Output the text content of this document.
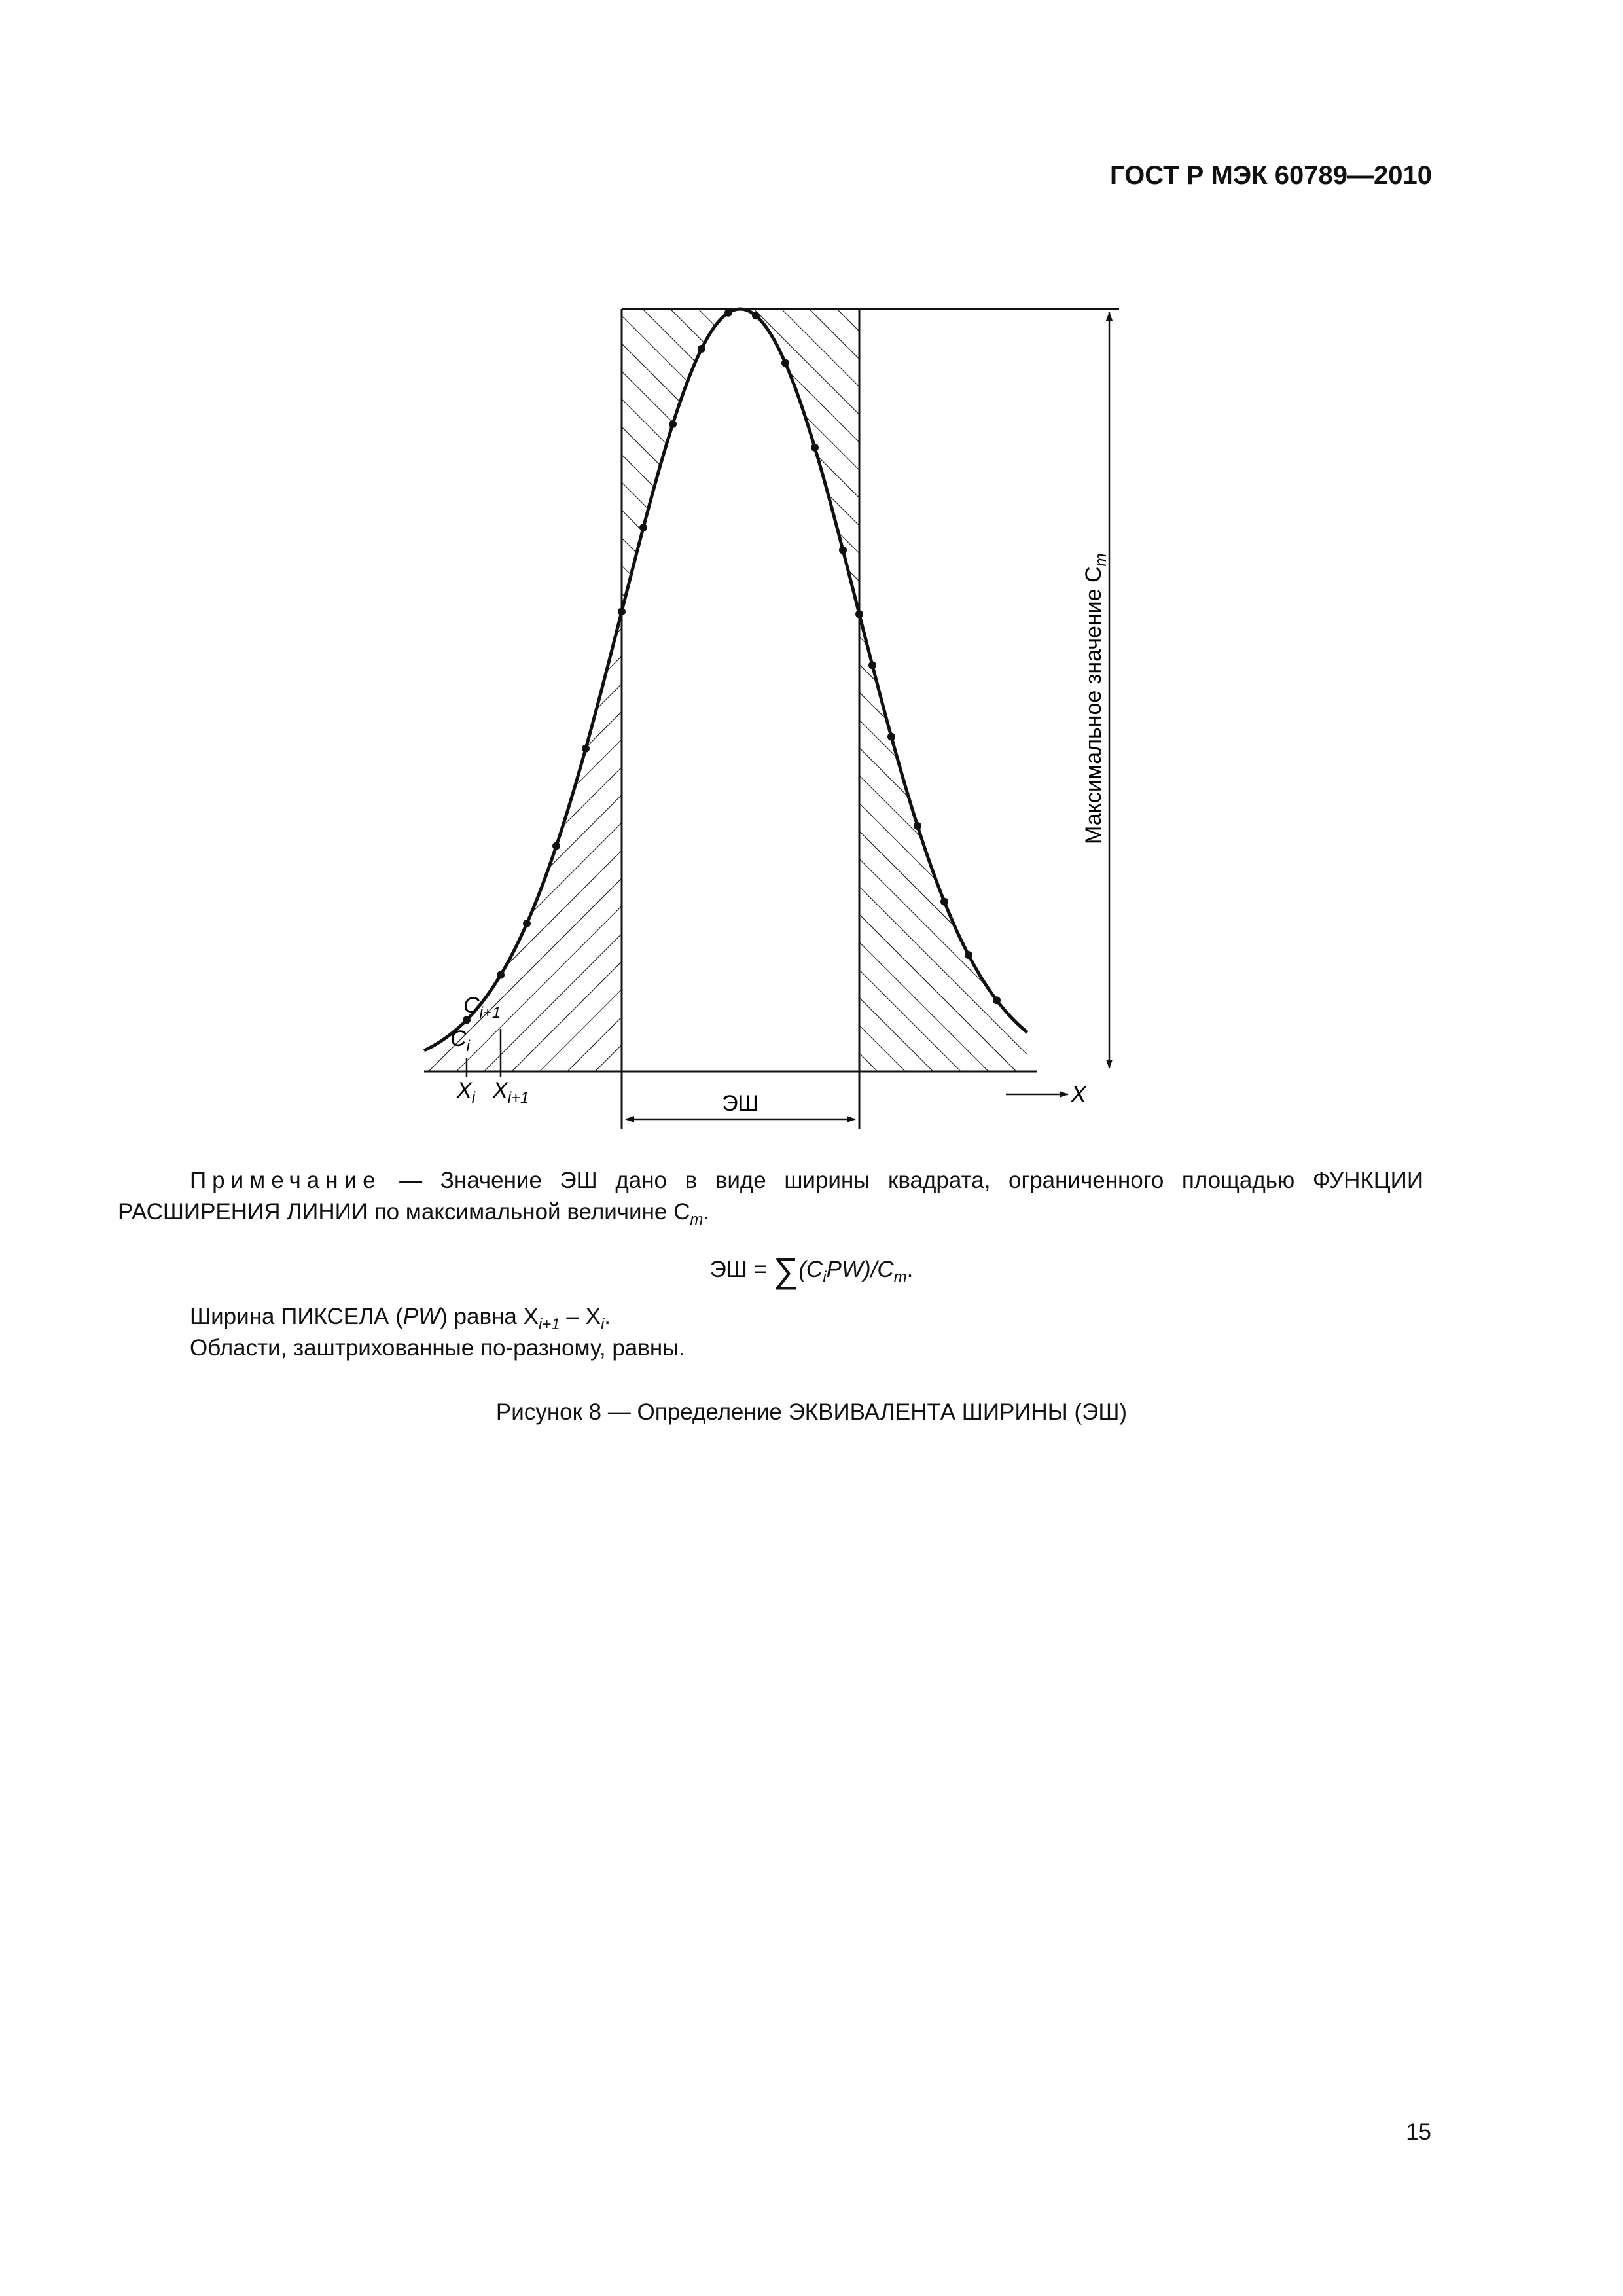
ГОСТ Р МЭК 60789—2010
$C_{i+1}$
$C_i$
$X_i$ $X_{i+1}$	ЭШ	X
Максимальное значение $C_m$
Примечание — Значение ЭШ дано в виде ширины квадрата, ограниченного площадью ФУНКЦИИ
РАСШИРЕНИЯ ЛИНИИ по максимальной величине $C_m$.
ЭШ = $\sum(C_iPW)/C_m$.
Ширина ПИКСЕЛА (PW) равна $X_{i+1} - X_i$.
Области, заштрихованные по-разному, равны.
Рисунок 8 — Определение ЭКВИВАЛЕНТА ШИРИНЫ (ЭШ)
15
